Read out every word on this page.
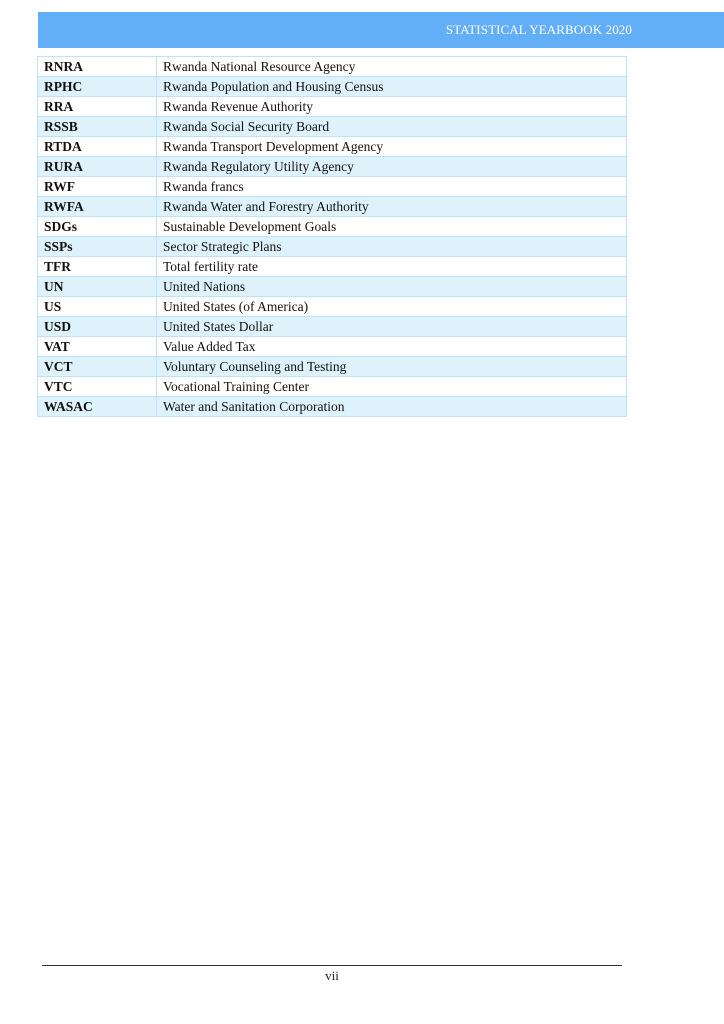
STATISTICAL YEARBOOK 2020
RNRA	Rwanda National Resource Agency
RPHC	Rwanda Population and Housing Census
RRA	Rwanda Revenue Authority
RSSB	Rwanda Social Security Board
RTDA	Rwanda Transport Development Agency
RURA	Rwanda Regulatory Utility Agency
RWF	Rwanda francs
RWFA	Rwanda Water and Forestry Authority
SDGs	Sustainable Development Goals
SSPs	Sector Strategic Plans
TFR	Total fertility rate
UN	United Nations
US	United States (of America)
USD	United States Dollar
VAT	Value Added Tax
VCT	Voluntary Counseling and Testing
VTC	Vocational Training Center
WASAC	Water and Sanitation Corporation
vii
